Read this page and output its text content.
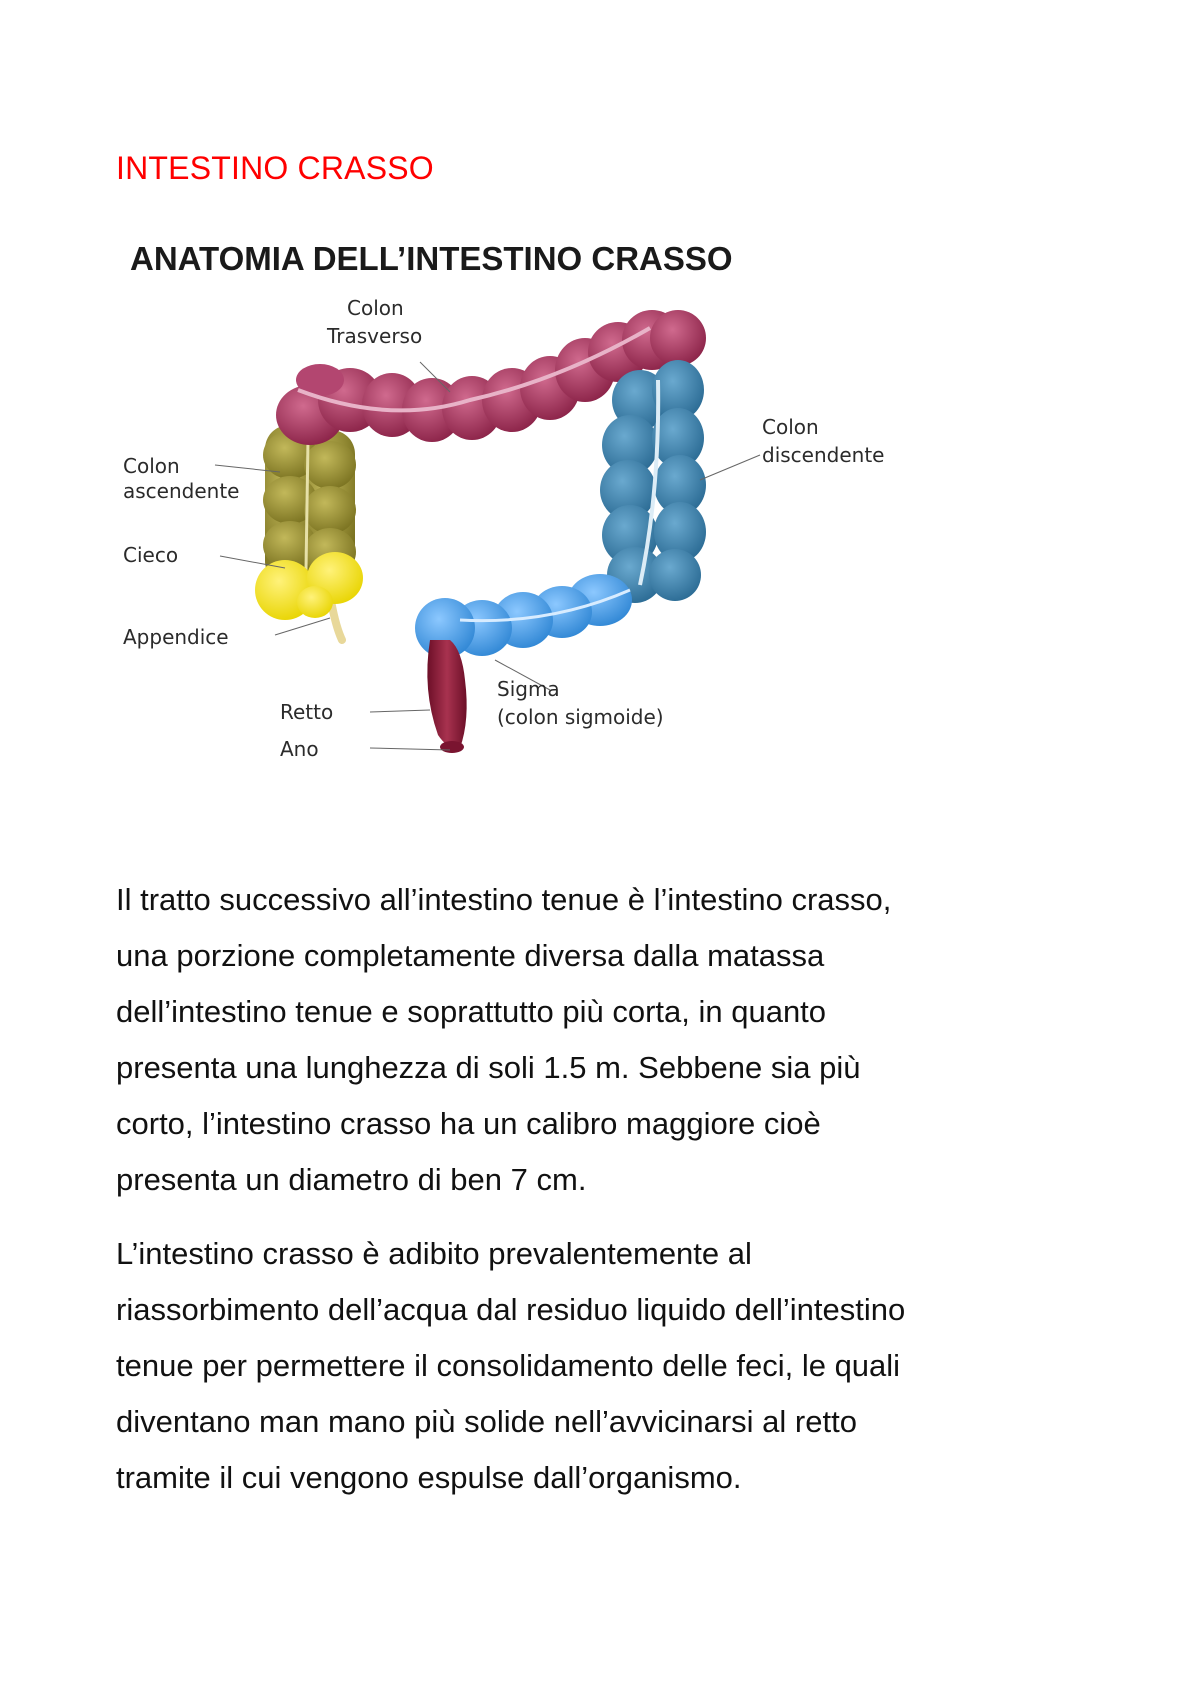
INTESTINO CRASSO
ANATOMIA DELL’INTESTINO CRASSO
Colon
Trasverso
Colon
discendente
Colon
ascendente
Cieco
Appendice
Retto
Ano
Sigma
(colon sigmoide)

Il tratto successivo all’intestino tenue è l’intestino crasso,
una porzione completamente diversa dalla matassa
dell’intestino tenue e soprattutto più corta, in quanto
presenta una lunghezza di soli 1.5 m. Sebbene sia più
corto, l’intestino crasso ha un calibro maggiore cioè
presenta un diametro di ben 7 cm.

L’intestino crasso è adibito prevalentemente al
riassorbimento dell’acqua dal residuo liquido dell’intestino
tenue per permettere il consolidamento delle feci, le quali
diventano man mano più solide nell’avvicinarsi al retto
tramite il cui vengono espulse dall’organismo.
